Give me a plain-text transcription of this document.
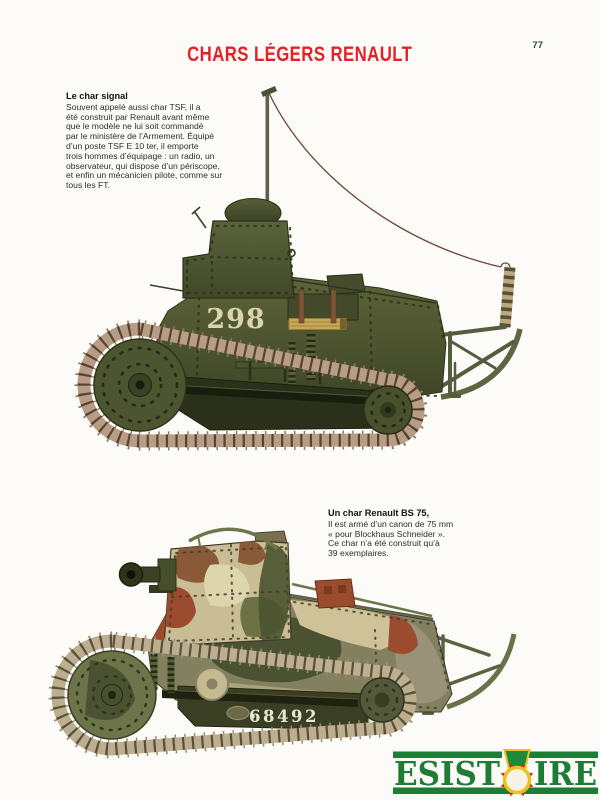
CHARS LÉGERS RENAULT	77
298
68492
Le char signal
Souvent appelé aussi char TSF, il a
été construit par Renault avant même
que le modèle ne lui soit commandé
par le ministère de l’Armement. Équipé
d’un poste TSF E 10 ter, il emporte
trois hommes d’équipage : un radio, un
observateur, qui dispose d’un périscope,
et enfin un mécanicien pilote, comme sur
tous les FT.
Un char Renault BS 75,
Il est armé d’un canon de 75 mm
« pour Blockhaus Schneider ».
Ce char n’a été construit qu’à
39 exemplaires.
ESIST IRE
